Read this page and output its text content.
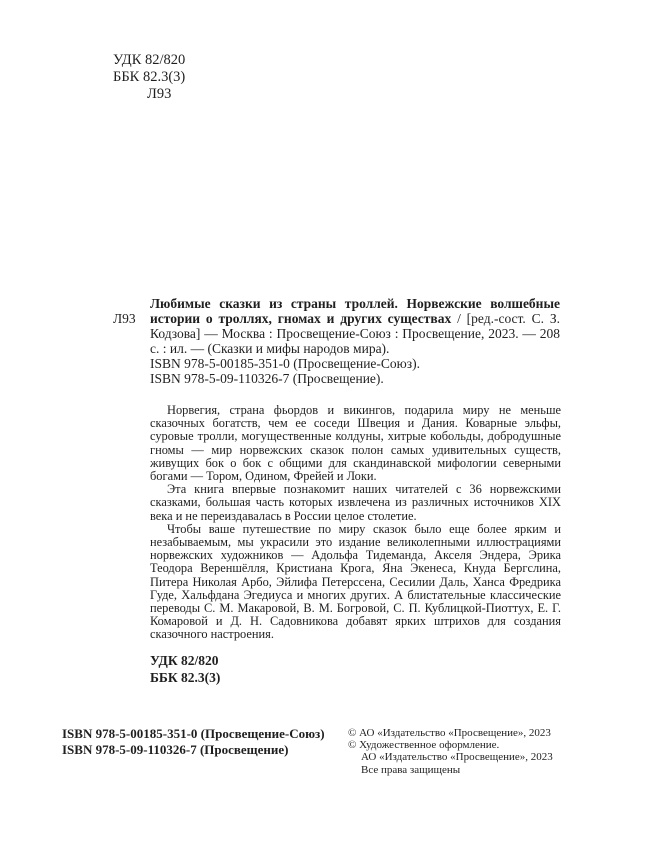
УДК 82/820
ББК 82.3(3)
Л93
Л93

Любимые сказки из страны троллей. Норвежские волшебные истории о троллях, гномах и других существах / [ред.-сост. С. З. Кодзова] — Москва : Просвещение-Союз : Просвещение, 2023. — 208 с. : ил. — (Сказки и мифы народов мира).

ISBN 978-5-00185-351-0 (Просвещение-Союз).
ISBN 978-5-09-110326-7 (Просвещение).

Норвегия, страна фьордов и викингов, подарила миру не меньше сказочных богатств, чем ее соседи Швеция и Дания. Коварные эльфы, суровые тролли, могущественные колдуны, хитрые кобольды, добродушные гномы — мир норвежских сказок полон самых удивительных существ, живущих бок о бок с общими для скандинавской мифологии северными богами — Тором, Одином, Фрейей и Локи.

Эта книга впервые познакомит наших читателей с 36 норвежскими сказками, большая часть которых извлечена из различных источников XIX века и не переиздавалась в России целое столетие.

Чтобы ваше путешествие по миру сказок было еще более ярким и незабываемым, мы украсили это издание великолепными иллюстрациями норвежских художников — Адольфа Тидеманда, Акселя Эндера, Эрика Теодора Вереншёлля, Кристиана Крога, Яна Экенеса, Кнуда Бергслина, Питера Николая Арбо, Эйлифа Петерссена, Сесилии Даль, Ханса Фредрика Гуде, Хальфдана Эгедиуса и многих других. А блистательные классические переводы С. М. Макаровой, В. М. Богровой, С. П. Кублицкой-Пиоттух, Е. Г. Комаровой и Д. Н. Садовникова добавят ярких штрихов для создания сказочного настроения.

УДК 82/820
ББК 82.3(3)
ISBN 978-5-00185-351-0 (Просвещение-Союз)
ISBN 978-5-09-110326-7 (Просвещение)
© АО «Издательство «Просвещение», 2023
© Художественное оформление.
АО «Издательство «Просвещение», 2023
Все права защищены
